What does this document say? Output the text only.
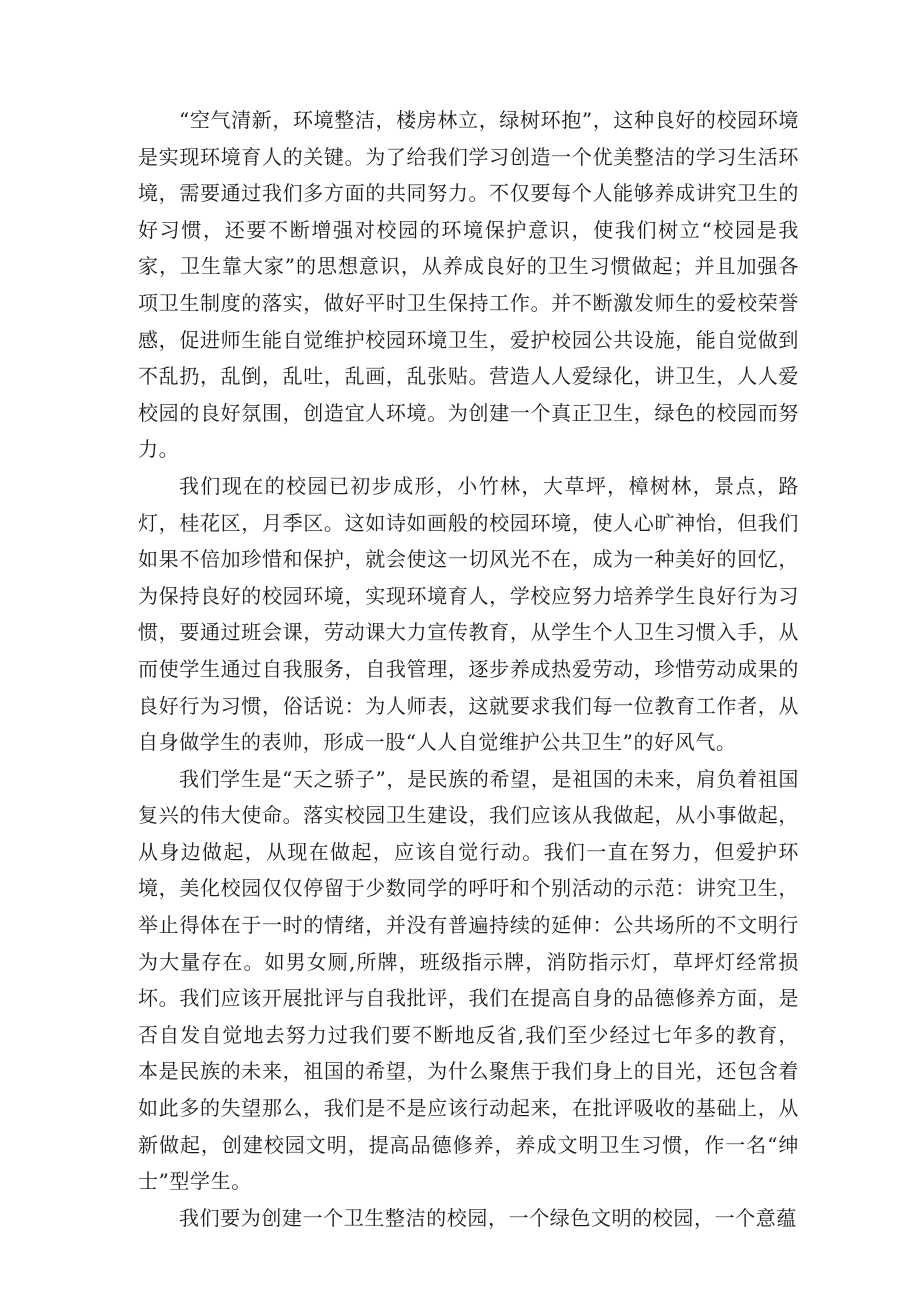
“空气清新，环境整洁，楼房林立，绿树环抱”，这种良好的校园环境是实现环境育人的关键。为了给我们学习创造一个优美整洁的学习生活环境，需要通过我们多方面的共同努力。不仅要每个人能够养成讲究卫生的好习惯，还要不断增强对校园的环境保护意识，使我们树立“校园是我家，卫生靠大家”的思想意识，从养成良好的卫生习惯做起；并且加强各项卫生制度的落实，做好平时卫生保持工作。并不断激发师生的爱校荣誉感，促进师生能自觉维护校园环境卫生，爱护校园公共设施，能自觉做到不乱扔，乱倒，乱吐，乱画，乱张贴。营造人人爱绿化，讲卫生，人人爱校园的良好氛围，创造宜人环境。为创建一个真正卫生，绿色的校园而努力。

我们现在的校园已初步成形，小竹林，大草坪，樟树林，景点，路灯，桂花区，月季区。这如诗如画般的校园环境，使人心旷神怡，但我们如果不倍加珍惜和保护，就会使这一切风光不在，成为一种美好的回忆，为保持良好的校园环境，实现环境育人，学校应努力培养学生良好行为习惯，要通过班会课，劳动课大力宣传教育，从学生个人卫生习惯入手，从而使学生通过自我服务，自我管理，逐步养成热爱劳动，珍惜劳动成果的良好行为习惯，俗话说：为人师表，这就要求我们每一位教育工作者，从自身做学生的表帅，形成一股“人人自觉维护公共卫生”的好风气。

我们学生是“天之骄子”，是民族的希望，是祖国的未来，肩负着祖国复兴的伟大使命。落实校园卫生建设，我们应该从我做起，从小事做起，从身边做起，从现在做起，应该自觉行动。我们一直在努力，但爱护环境，美化校园仅仅停留于少数同学的呼吁和个别活动的示范：讲究卫生，举止得体在于一时的情绪，并没有普遍持续的延伸：公共场所的不文明行为大量存在。如男女厕,所牌，班级指示牌，消防指示灯，草坪灯经常损坏。我们应该开展批评与自我批评，我们在提高自身的品德修养方面，是否自发自觉地去努力过我们要不断地反省,我们至少经过七年多的教育，本是民族的未来，祖国的希望，为什么聚焦于我们身上的目光，还包含着如此多的失望那么，我们是不是应该行动起来，在批评吸收的基础上，从新做起，创建校园文明，提高品德修养，养成文明卫生习惯，作一名“绅士”型学生。

我们要为创建一个卫生整洁的校园，一个绿色文明的校园，一个意蕴
